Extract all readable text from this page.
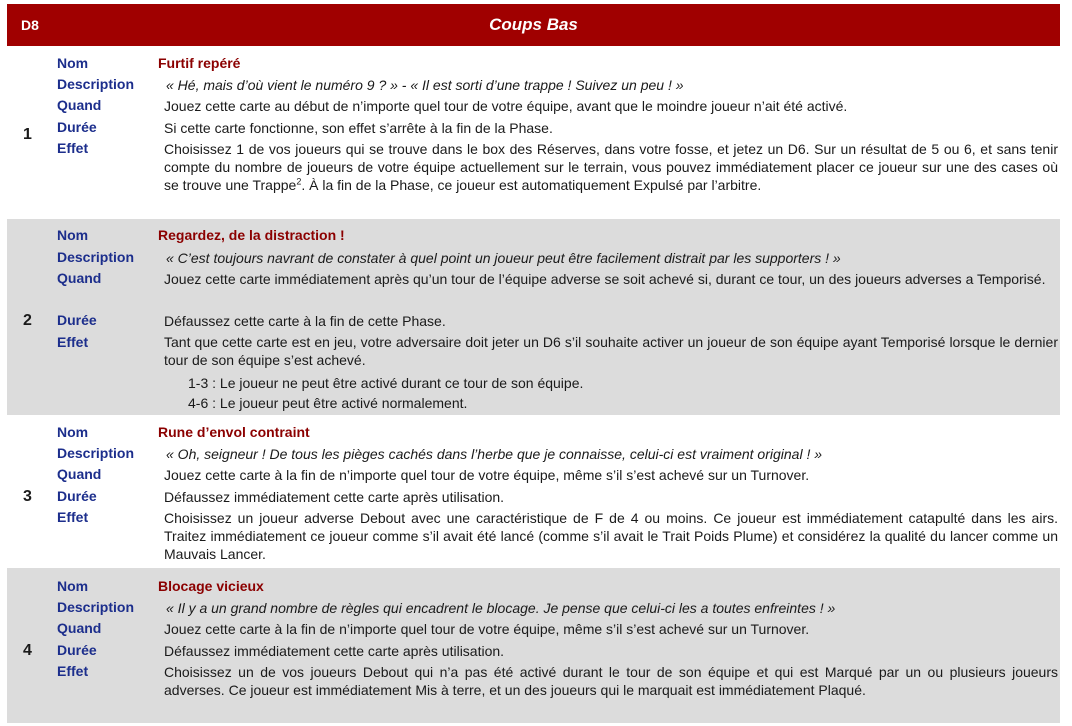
D8	Coups Bas
1
Nom
Description
Quand
Durée
Effet
Furtif repéré
« Hé, mais d’où vient le numéro 9 ? » - « Il est sorti d’une trappe ! Suivez un peu ! »
Jouez cette carte au début de n’importe quel tour de votre équipe, avant que le moindre joueur n’ait été activé.
Si cette carte fonctionne, son effet s’arrête à la fin de la Phase.
Choisissez 1 de vos joueurs qui se trouve dans le box des Réserves, dans votre fosse, et jetez un D6. Sur un résultat de 5 ou 6, et sans tenir compte du nombre de joueurs de votre équipe actuellement sur le terrain, vous pouvez immédiatement placer ce joueur sur une des cases où se trouve une Trappe$^2$. À la fin de la Phase, ce joueur est automatiquement Expulsé par l’arbitre.
2
Nom
Description
Quand
Durée
Effet
Regardez, de la distraction !
« C’est toujours navrant de constater à quel point un joueur peut être facilement distrait par les supporters ! »
Jouez cette carte immédiatement après qu’un tour de l’équipe adverse se soit achevé si, durant ce tour, un des joueurs adverses a Temporisé.
Défaussez cette carte à la fin de cette Phase.
Tant que cette carte est en jeu, votre adversaire doit jeter un D6 s’il souhaite activer un joueur de son équipe ayant Temporisé lorsque le dernier tour de son équipe s’est achevé.
1-3 : Le joueur ne peut être activé durant ce tour de son équipe.
4-6 : Le joueur peut être activé normalement.
3
Nom
Description
Quand
Durée
Effet
Rune d’envol contraint
« Oh, seigneur ! De tous les pièges cachés dans l’herbe que je connaisse, celui-ci est vraiment original ! »
Jouez cette carte à la fin de n’importe quel tour de votre équipe, même s’il s’est achevé sur un Turnover.
Défaussez immédiatement cette carte après utilisation.
Choisissez un joueur adverse Debout avec une caractéristique de F de 4 ou moins. Ce joueur est immédiatement catapulté dans les airs. Traitez immédiatement ce joueur comme s’il avait été lancé (comme s’il avait le Trait Poids Plume) et considérez la qualité du lancer comme un Mauvais Lancer.
4
Nom
Description
Quand
Durée
Effet
Blocage vicieux
« Il y a un grand nombre de règles qui encadrent le blocage. Je pense que celui-ci les a toutes enfreintes ! »
Jouez cette carte à la fin de n’importe quel tour de votre équipe, même s’il s’est achevé sur un Turnover.
Défaussez immédiatement cette carte après utilisation.
Choisissez un de vos joueurs Debout qui n’a pas été activé durant le tour de son équipe et qui est Marqué par un ou plusieurs joueurs adverses. Ce joueur est immédiatement Mis à terre, et un des joueurs qui le marquait est immédiatement Plaqué.
